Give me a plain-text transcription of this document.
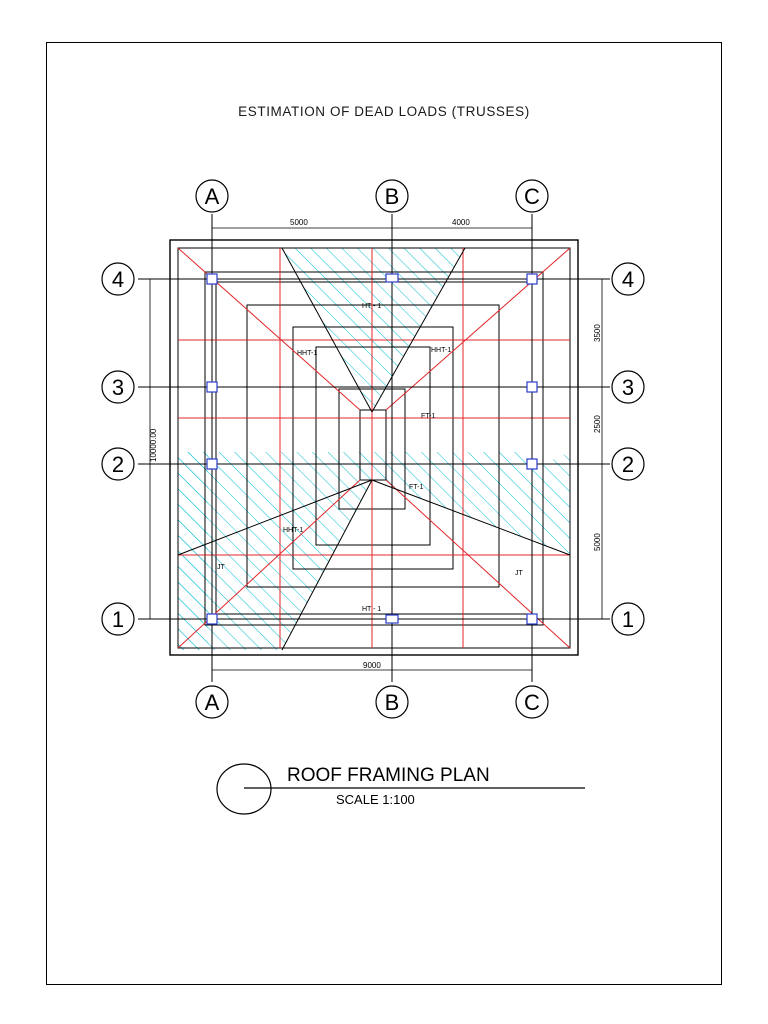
ESTIMATION OF DEAD LOADS (TRUSSES)
5000	4000
9000
10000.00
3500
2500
5000
HT - 1
HHT-1	HHT-1
FT-1
FT-1
HHT-1
JT
JT
HT - 1
A	B	C
A	B	C
4
3
2
1
4
3
2
1
ROOF FRAMING PLAN
SCALE 1:100
